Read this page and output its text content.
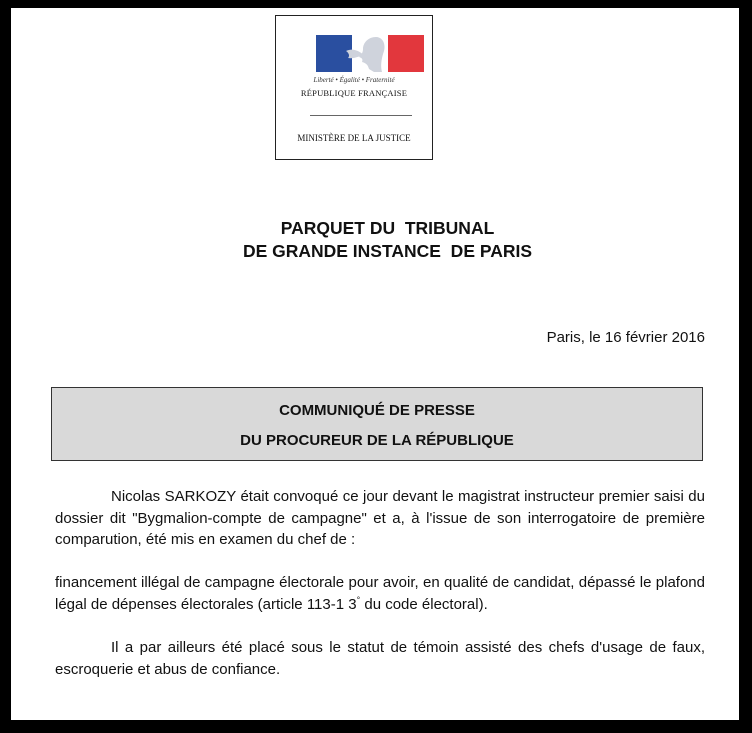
Liberté • Égalité • Fraternité
RÉPUBLIQUE FRANÇAISE
MINISTÈRE DE LA JUSTICE
PARQUET DU  TRIBUNAL
DE GRANDE INSTANCE  DE PARIS
Paris, le 16 février 2016
COMMUNIQUÉ DE PRESSE
DU PROCUREUR DE LA RÉPUBLIQUE
Nicolas SARKOZY était convoqué ce jour devant le magistrat instructeur premier saisi du dossier dit "Bygmalion-compte de campagne" et a, à l'issue de son interrogatoire de première comparution, été mis en examen du chef de :
financement illégal de campagne électorale pour avoir, en qualité de candidat, dépassé le plafond légal de dépenses électorales (article 113-1 3° du code électoral).
Il a par ailleurs été placé sous le statut de témoin assisté des chefs d'usage de faux, escroquerie et abus de confiance.
